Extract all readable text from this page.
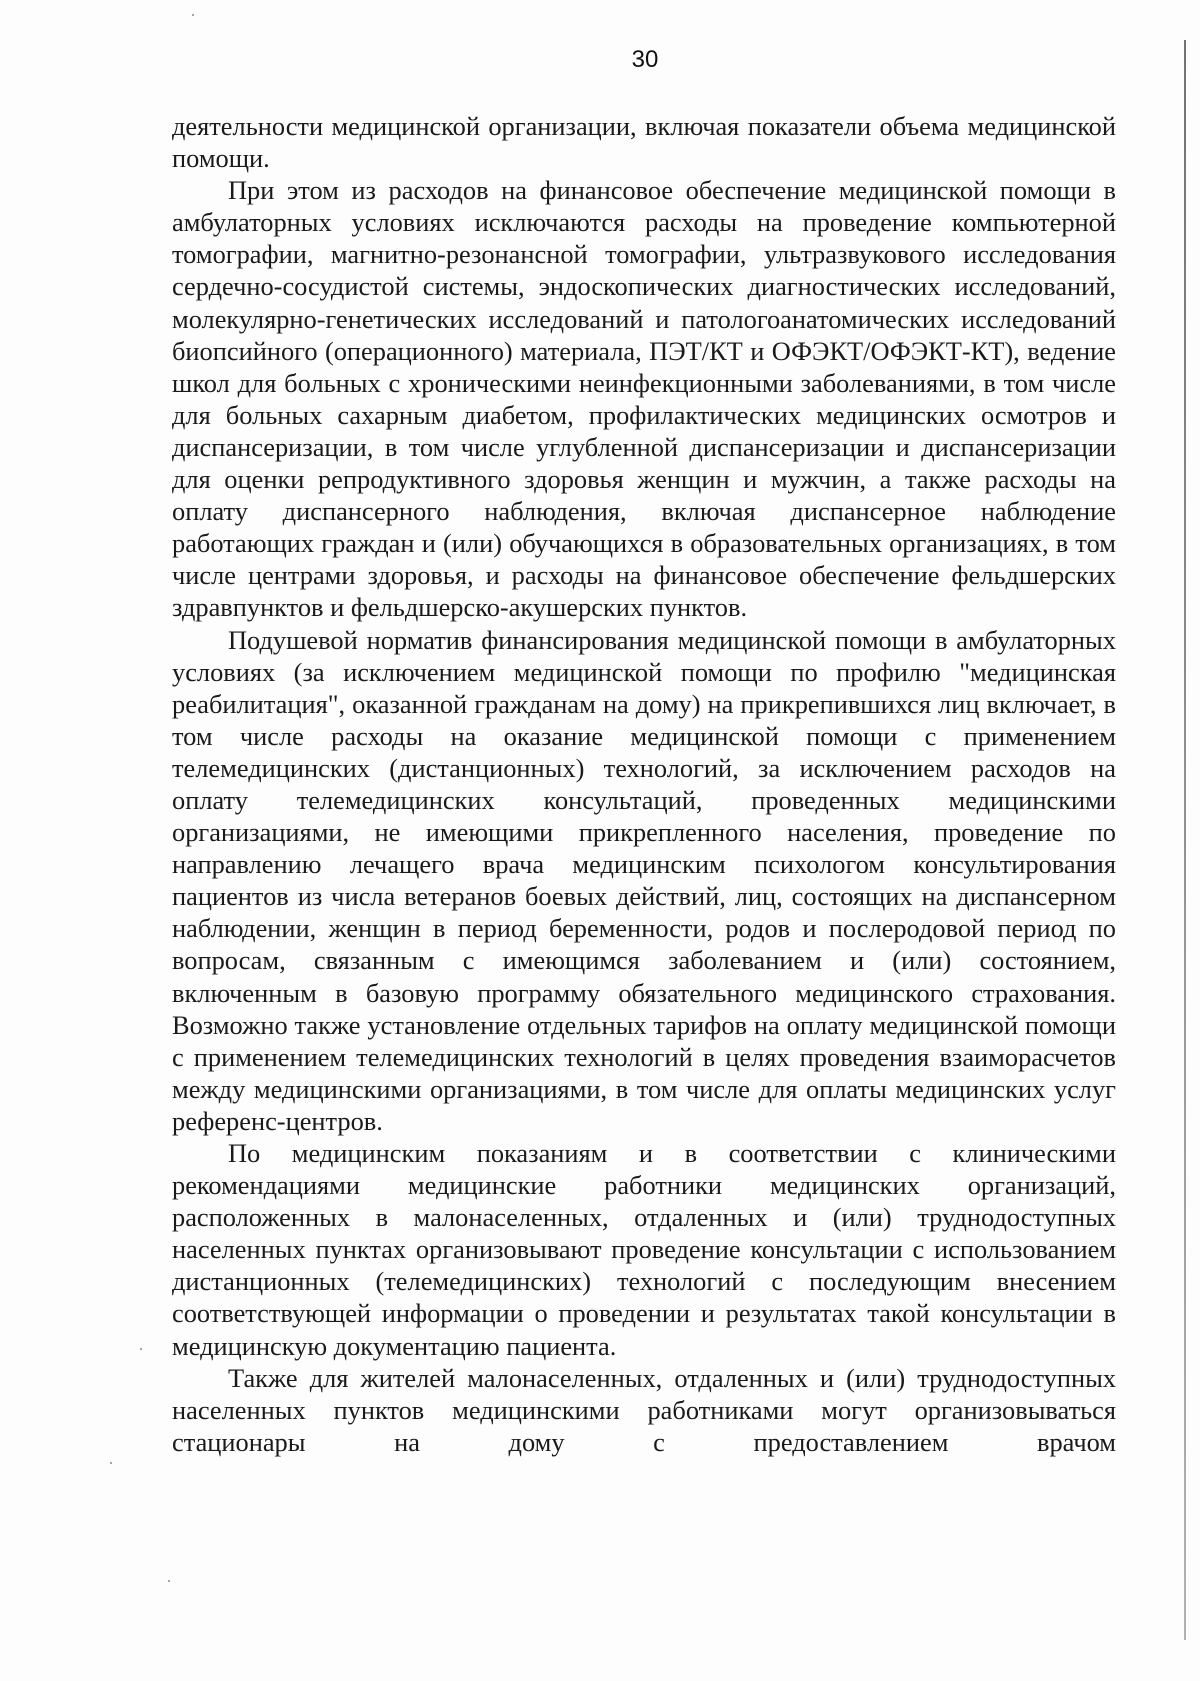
30

деятельности медицинской организации, включая показатели объема медицинской помощи.

При этом из расходов на финансовое обеспечение медицинской помощи в амбулаторных условиях исключаются расходы на проведение компьютерной томографии, магнитно-резонансной томографии, ультразвукового исследования сердечно-сосудистой системы, эндоскопических диагностических исследований, молекулярно-генетических исследований и патологоанатомических исследований биопсийного (операционного) материала, ПЭТ/КТ и ОФЭКТ/ОФЭКТ-КТ), ведение школ для больных с хроническими неинфекционными заболеваниями, в том числе для больных сахарным диабетом, профилактических медицинских осмотров и диспансеризации, в том числе углубленной диспансеризации и диспансеризации для оценки репродуктивного здоровья женщин и мужчин, а также расходы на оплату диспансерного наблюдения, включая диспансерное наблюдение работающих граждан и (или) обучающихся в образовательных организациях, в том числе центрами здоровья, и расходы на финансовое обеспечение фельдшерских здравпунктов и фельдшерско-акушерских пунктов.

Подушевой норматив финансирования медицинской помощи в амбулаторных условиях (за исключением медицинской помощи по профилю "медицинская реабилитация", оказанной гражданам на дому) на прикрепившихся лиц включает, в том числе расходы на оказание медицинской помощи с применением телемедицинских (дистанционных) технологий, за исключением расходов на оплату телемедицинских консультаций, проведенных медицинскими организациями, не имеющими прикрепленного населения, проведение по направлению лечащего врача медицинским психологом консультирования пациентов из числа ветеранов боевых действий, лиц, состоящих на диспансерном наблюдении, женщин в период беременности, родов и послеродовой период по вопросам, связанным с имеющимся заболеванием и (или) состоянием, включенным в базовую программу обязательного медицинского страхования. Возможно также установление отдельных тарифов на оплату медицинской помощи с применением телемедицинских технологий в целях проведения взаиморасчетов между медицинскими организациями, в том числе для оплаты медицинских услуг референс-центров.

По медицинским показаниям и в соответствии с клиническими рекомендациями медицинские работники медицинских организаций, расположенных в малонаселенных, отдаленных и (или) труднодоступных населенных пунктах организовывают проведение консультации с использованием дистанционных (телемедицинских) технологий с последующим внесением соответствующей информации о проведении и результатах такой консультации в медицинскую документацию пациента.

Также для жителей малонаселенных, отдаленных и (или) труднодоступных населенных пунктов медицинскими работниками могут организовываться стационары на дому с предоставлением врачом
